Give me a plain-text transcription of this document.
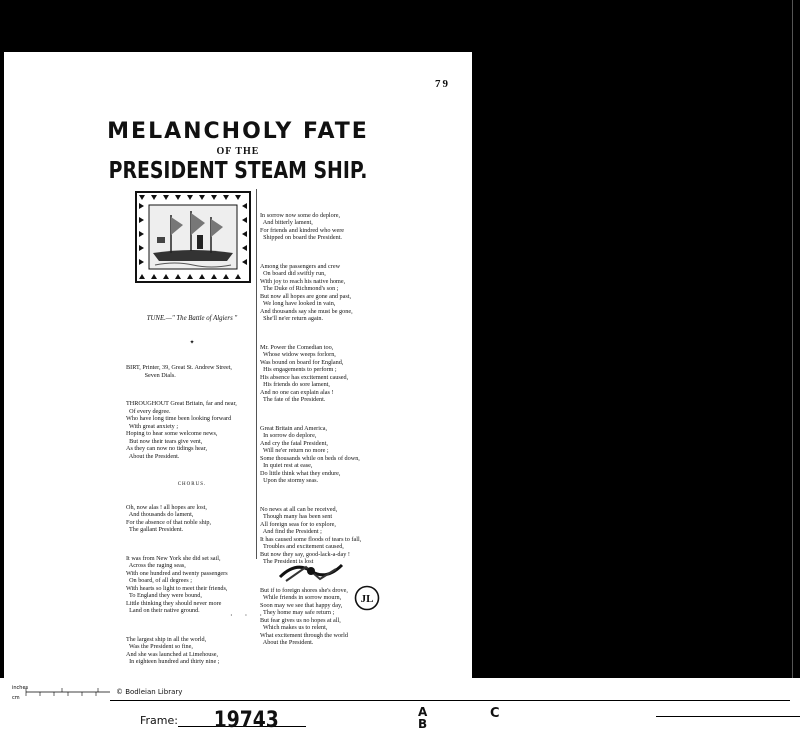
79
MELANCHOLY FATE
OF THE
PRESIDENT STEAM SHIP.

TUNE.—" The Battle of Algiers "

✦

BIRT, Printer, 39, Great St. Andrew Street,
Seven Dials.

THROUGHOUT Great Britain, far and near,
Of every degree.
Who have long time been looking forward
With great anxiety ;
Hoping to hear some welcome news,
But now their tears give vent,
As they can now no tidings hear,
About the President.

CHORUS.

Oh, now alas ! all hopes are lost,
And thousands do lament,
For the absence of that noble ship,
The gallant President.

It was from New York she did set sail,
Across the raging seas,
With one hundred and twenty passengers
On board, of all degrees ;
With hearts so light to meet their friends,
To England they were bound,
Little thinking they should never more
Land on their native ground.

The largest ship in all the world,
Was the President so fine,
And she was launched at Limehouse,
In eighteen hundred and thirty nine ;

In sorrow now some do deplore,
And bitterly lament,
For friends and kindred who were
Shipped on board the President.

Among the passengers and crew
On board did swiftly run,
With joy to reach his native home,
The Duke of Richmond's son ;
But now all hopes are gone and past,
We long have looked in vain,
And thousands say she must be gone,
She'll ne'er return again.

Mr. Power the Comedian too,
Whose widow weeps forlorn,
Was bound on board for England,
His engagements to perform ;
His absence has excitement caused,
His friends do sore lament,
And no one can explain alas !
The fate of the President.

Great Britain and America,
In sorrow do deplore,
And cry the fatal President,
Will ne'er return no more ;
Some thousands while on beds of down,
In quiet rest at ease,
Do little think what they endure,
Upon the stormy seas.

No news at all can be received,
Though many has been sent
All foreign seas for to explore,
And find the President ;
It has caused some floods of tears to fall,
Troubles and excitement caused,
But now they say, good-lack-a-day !
The President is lost

But if to foreign shores she's drove,
While friends in sorrow mourn,
Soon may we see that happy day,
They home may safe return ;
But fear gives us no hopes at all,
Which makes us to relent,
What excitement through the world
About the President.

JL
· · ·
inches
cm
© Bodleian Library
Frame: 19743	A
B
C
